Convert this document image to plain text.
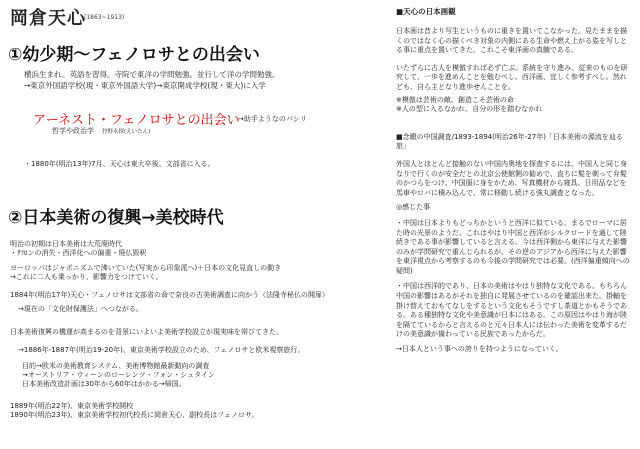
岡倉天心
(1863~1913)
①幼少期〜フェノロサとの出会い
横浜生まれ。英語を習得。寺院で東洋の学問勉強。並行して洋の学問勉強。
→東京外国語学校(現・東京外国語大学)→東京開成学校(現・東大)に入学
アーネスト・フェノロサとの出会い
→助手ようなのパシリ
哲学や政治学 狩野永探(えいたん)
・1880年(明治13年)7月、天心は東大卒後、文部省に入る。
②日本美術の復興→美校時代
明治の初期は日本美術は大荒廃時代
・ｻﾌﾛンの消失・西洋化への偏重・廃仏毀釈
ヨーロッパはジャポニズムで沸いていた(写実から印象派へ)＋日本の文化見直しの動き
→これに二人も乗っかり、影響力をつけていく。
1884年(明治17年)天心・フェノロサは文部省の命で奈良の古美術調査に向かう（法隆寺秘仏の開扉）
→現在の「文化財保護法」へつながる。
日本美術復興の機運が高まるのを背景にいよいよ美術学校設立が現実味を帯びてきた。
→1886年-1887年(明治19-20年)、東京美術学校設立のため、フェノロサと欧米視察旅行。
目的→欧米の美術教育システム、美術博物館最新動向の調査
→オーストリア・ウィーンのローレンツ・フォン・シュタイン
日本美術改造計画は30年から60年はかかる→帰国。
1889年(明治22年)、東京美術学校開校
1890年(明治23年)、東京美術学校初代校長に岡倉天心、副校長はフェノロサ。
■天心の日本画観
日本画は昔より写生というものに重きを置いてこなかった。見たままを描くのではなく心の描くべき対象の内側にある生命や燃え上がる姿を写しとる事に重点を置いてきた。これこそ東洋画の真髄である。
いたずらに古人を模倣すれば必ず亡ぶ。系統を守り進み、従来のものを研究して、一歩を進めんことを勉むべし。西洋画、宜しく参考すべし。然れども、自ら主となり進歩せんことを。
※模倣は芸術の敵、創造こそ芸術の命
※人の型に入るなかれ、自分の形を踏むなかれ
■念願の中国調査/1893-1894(明治26年-27年)「日本美術の源流を辿る旅」
外国人とほとんど接触のない中国内奥地を探査するには、中国人と同じ身なりで行くのが安全だとの北京公使館側の勧めで、直ちに髪を剃って弁髪のかつらをつけ、中国服に身をかため、写真機材から寝具、日用品などを馬車やロバに積み込んで、常に移動し続ける強丸調査となった。
◎感じた事
・中国は日本よりもどっちかというと西洋に似ている。まるでローマに居た時の光景のようだ。これはやはり中国と西洋がシルクロードを通して陸続きである事が影響していると言える。今は西洋側から東洋に与えた影響のみが学問研究で重んじられるが、その逆のアジアから西洋に与えた影響を東洋視点から考察するのも今後の学問研究では必要。(西洋偏重傾向への疑問)
・中国は西洋的であり、日本の美術はやはり独特な文化である。もちろん中国の影響はあるがそれを独自に発展させているのを確認出来た。掛軸を掛け替えておもてなしをするという文化もそうですし茶道とかもそうである。ある種独特な文化や美意識が日本にはある。この原因はやはり海が陸を隔てているからと言えるのと元々日本人には伝わった美術を変革するだけの美意識が備わっている民族であったからだ。
→日本人という事への誇りを持つようになっていく。
